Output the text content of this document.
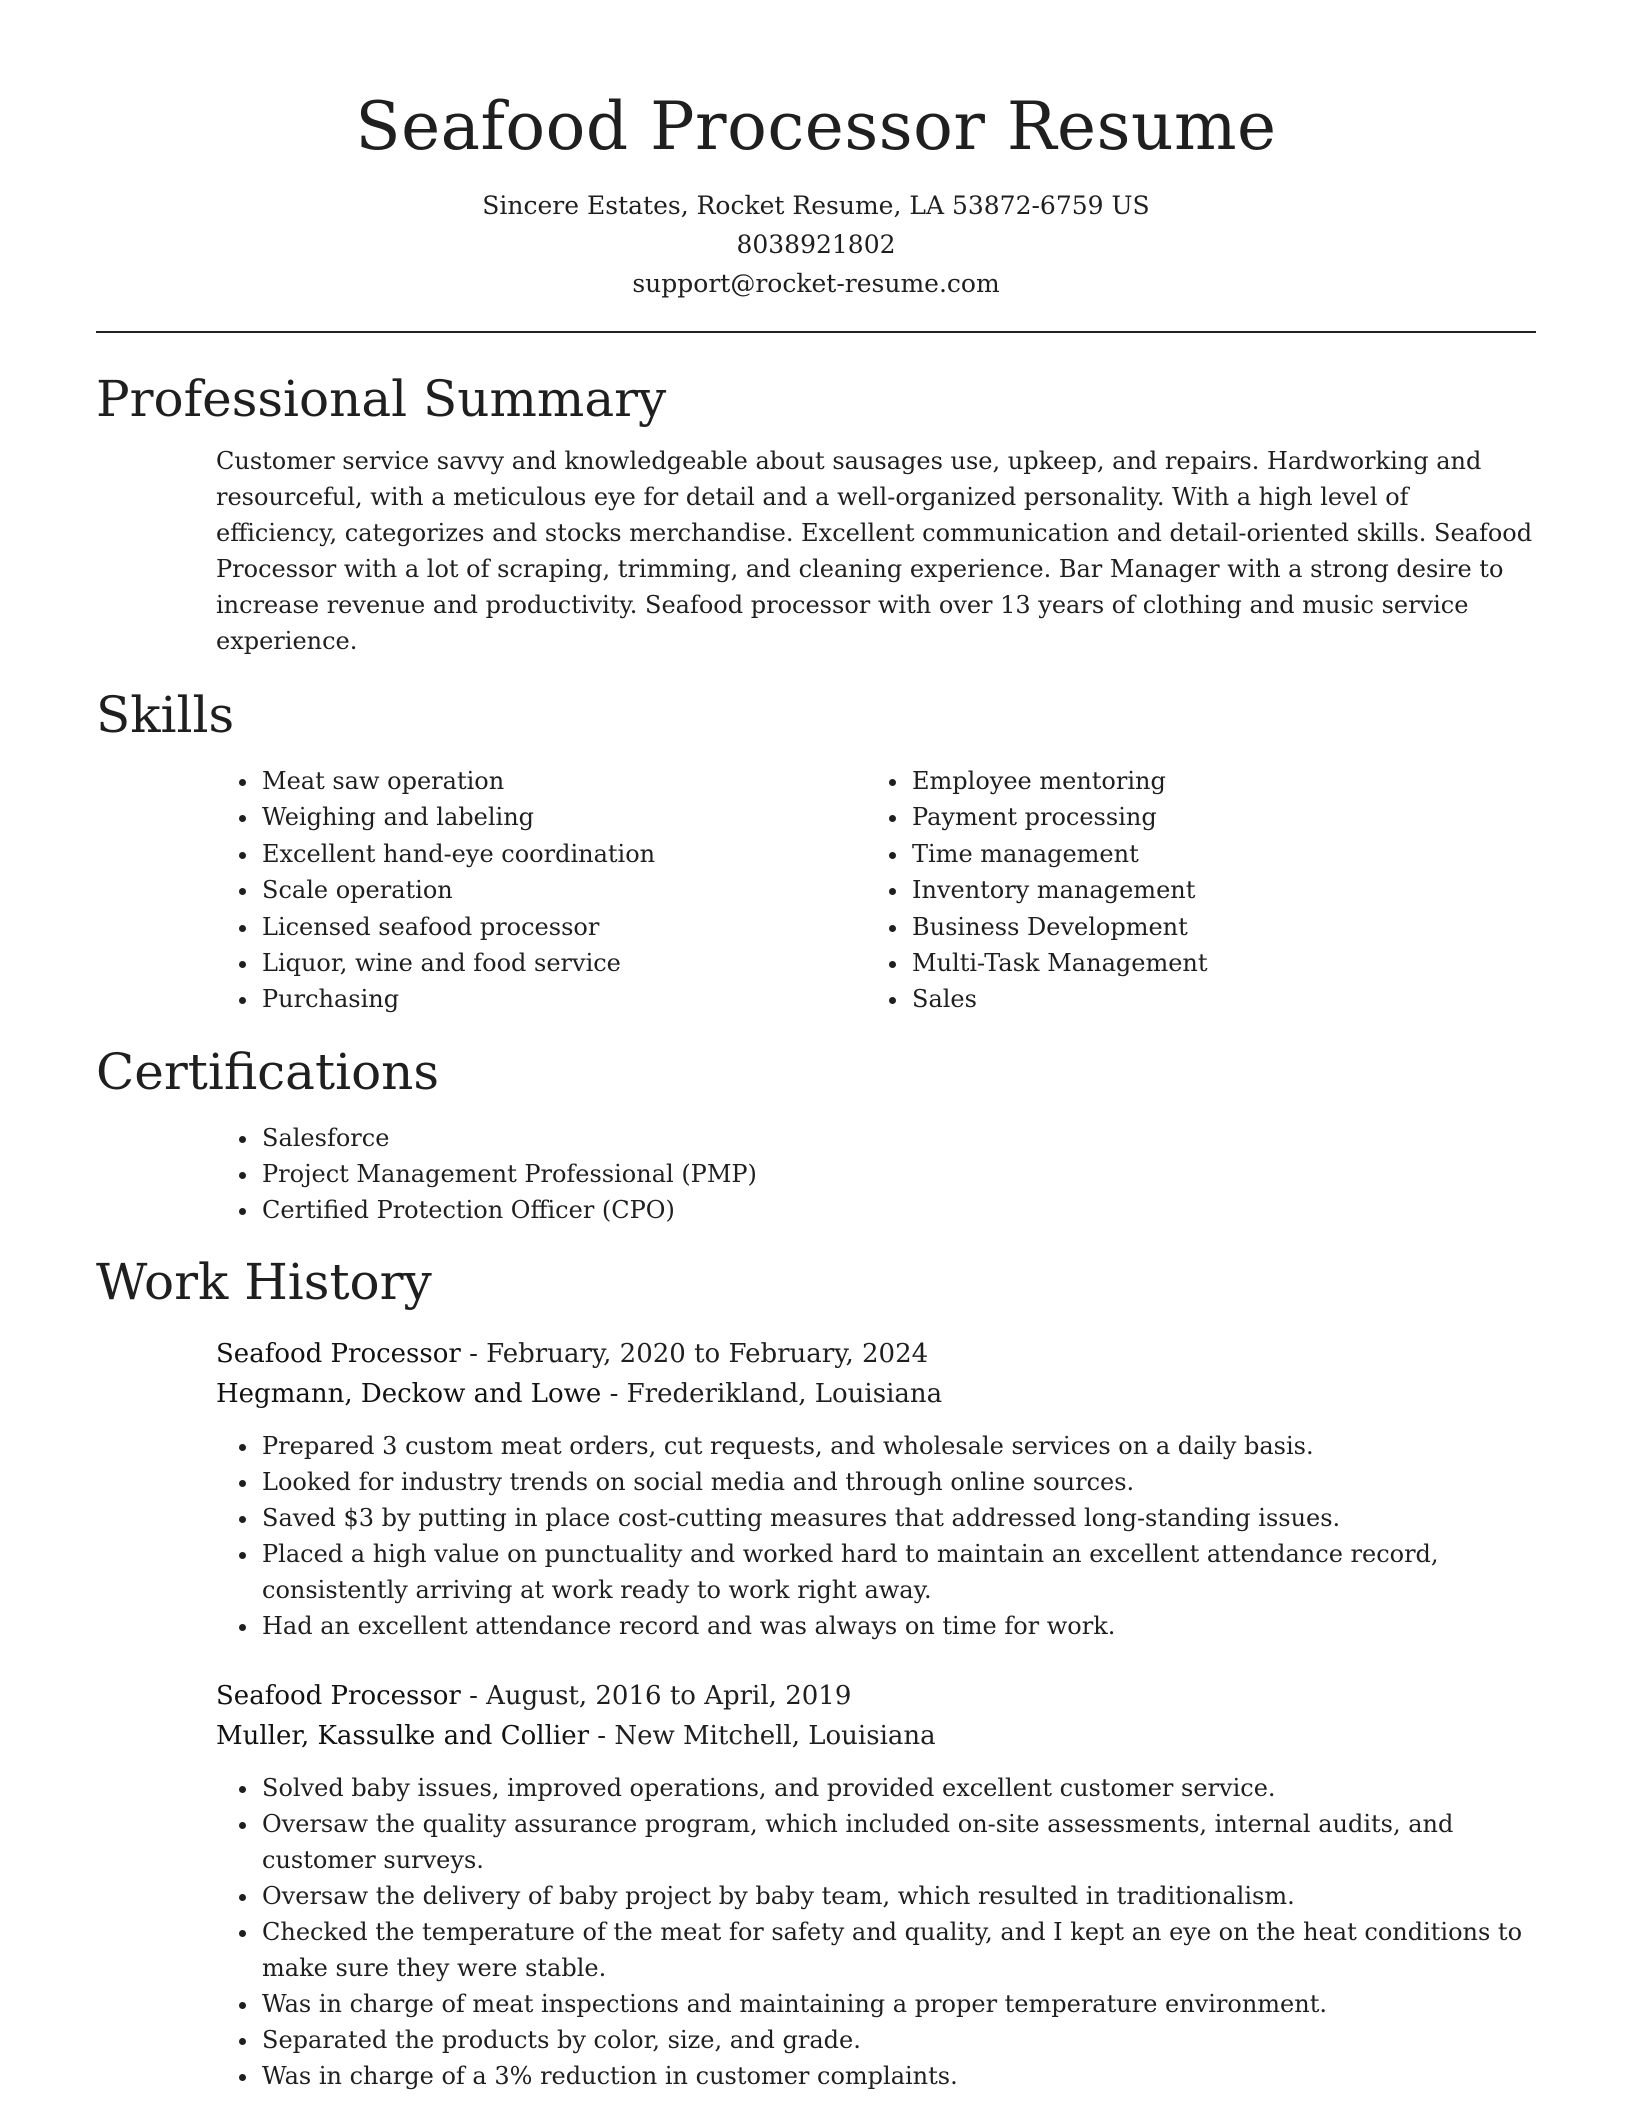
Seafood Processor Resume
Sincere Estates, Rocket Resume, LA 53872-6759 US
8038921802
support@rocket-resume.com
Professional Summary

Customer service savvy and knowledgeable about sausages use, upkeep, and repairs. Hardworking and resourceful, with a meticulous eye for detail and a well-organized personality. With a high level of efficiency, categorizes and stocks merchandise. Excellent communication and detail-oriented skills. Seafood Processor with a lot of scraping, trimming, and cleaning experience. Bar Manager with a strong desire to increase revenue and productivity. Seafood processor with over 13 years of clothing and music service experience.

Skills
• Meat saw operation
• Weighing and labeling
• Excellent hand-eye coordination
• Scale operation
• Licensed seafood processor
• Liquor, wine and food service
• Purchasing
• Employee mentoring
• Payment processing
• Time management
• Inventory management
• Business Development
• Multi-Task Management
• Sales
Certifications
• Salesforce
• Project Management Professional (PMP)
• Certified Protection Officer (CPO)
Work History
Seafood Processor - February, 2020 to February, 2024
Hegmann, Deckow and Lowe - Frederikland, Louisiana
• Prepared 3 custom meat orders, cut requests, and wholesale services on a daily basis.
• Looked for industry trends on social media and through online sources.
• Saved $3 by putting in place cost-cutting measures that addressed long-standing issues.
• Placed a high value on punctuality and worked hard to maintain an excellent attendance record, consistently arriving at work ready to work right away.
• Had an excellent attendance record and was always on time for work.
Seafood Processor - August, 2016 to April, 2019
Muller, Kassulke and Collier - New Mitchell, Louisiana
• Solved baby issues, improved operations, and provided excellent customer service.
• Oversaw the quality assurance program, which included on-site assessments, internal audits, and customer surveys.
• Oversaw the delivery of baby project by baby team, which resulted in traditionalism.
• Checked the temperature of the meat for safety and quality, and I kept an eye on the heat conditions to make sure they were stable.
• Was in charge of meat inspections and maintaining a proper temperature environment.
• Separated the products by color, size, and grade.
• Was in charge of a 3% reduction in customer complaints.
